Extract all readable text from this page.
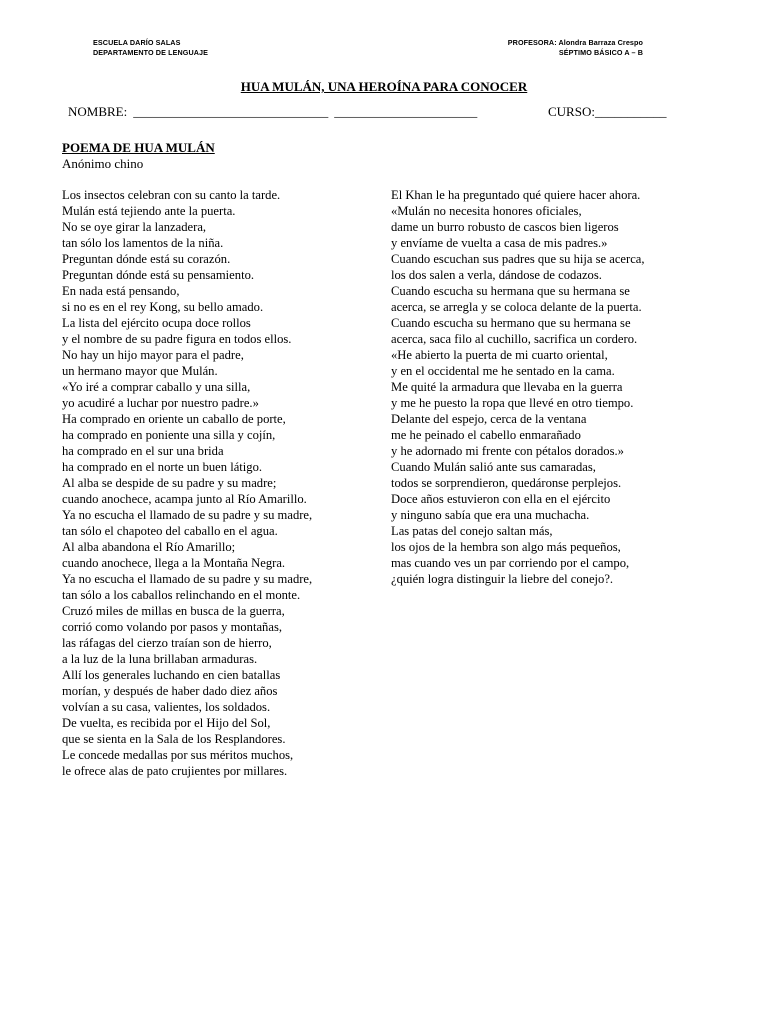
ESCUELA DARÍO SALAS
DEPARTAMENTO DE LENGUAJE
PROFESORA: Alondra Barraza Crespo
SÉPTIMO BÁSICO A – B
HUA MULÁN, UNA HEROÍNA PARA CONOCER
NOMBRE: ______________________________ ______________________	CURSO:___________
POEMA DE HUA MULÁN
Anónimo chino
Los insectos celebran con su canto la tarde.
Mulán está tejiendo ante la puerta.
No se oye girar la lanzadera,
tan sólo los lamentos de la niña.
Preguntan dónde está su corazón.
Preguntan dónde está su pensamiento.
En nada está pensando,
si no es en el rey Kong, su bello amado.
La lista del ejército ocupa doce rollos
y el nombre de su padre figura en todos ellos.
No hay un hijo mayor para el padre,
un hermano mayor que Mulán.
«Yo iré a comprar caballo y una silla,
yo acudiré a luchar por nuestro padre.»
Ha comprado en oriente un caballo de porte,
ha comprado en poniente una silla y cojín,
ha comprado en el sur una brida
ha comprado en el norte un buen látigo.
Al alba se despide de su padre y su madre;
cuando anochece, acampa junto al Río Amarillo.
Ya no escucha el llamado de su padre y su madre,
tan sólo el chapoteo del caballo en el agua.
Al alba abandona el Río Amarillo;
cuando anochece, llega a la Montaña Negra.
Ya no escucha el llamado de su padre y su madre,
tan sólo a los caballos relinchando en el monte.
Cruzó miles de millas en busca de la guerra,
corrió como volando por pasos y montañas,
las ráfagas del cierzo traían son de hierro,
a la luz de la luna brillaban armaduras.
Allí los generales luchando en cien batallas
morían, y después de haber dado diez años
volvían a su casa, valientes, los soldados.
De vuelta, es recibida por el Hijo del Sol,
que se sienta en la Sala de los Resplandores.
Le concede medallas por sus méritos muchos,
le ofrece alas de pato crujientes por millares.
El Khan le ha preguntado qué quiere hacer ahora.
«Mulán no necesita honores oficiales,
dame un burro robusto de cascos bien ligeros
y envíame de vuelta a casa de mis padres.»
Cuando escuchan sus padres que su hija se acerca,
los dos salen a verla, dándose de codazos.
Cuando escucha su hermana que su hermana se
acerca, se arregla y se coloca delante de la puerta.
Cuando escucha su hermano que su hermana se
acerca, saca filo al cuchillo, sacrifica un cordero.
«He abierto la puerta de mi cuarto oriental,
y en el occidental me he sentado en la cama.
Me quité la armadura que llevaba en la guerra
y me he puesto la ropa que llevé en otro tiempo.
Delante del espejo, cerca de la ventana
me he peinado el cabello enmarañado
y he adornado mi frente con pétalos dorados.»
Cuando Mulán salió ante sus camaradas,
todos se sorprendieron, quedáronse perplejos.
Doce años estuvieron con ella en el ejército
y ninguno sabía que era una muchacha.
Las patas del conejo saltan más,
los ojos de la hembra son algo más pequeños,
mas cuando ves un par corriendo por el campo,
¿quién logra distinguir la liebre del conejo?.
